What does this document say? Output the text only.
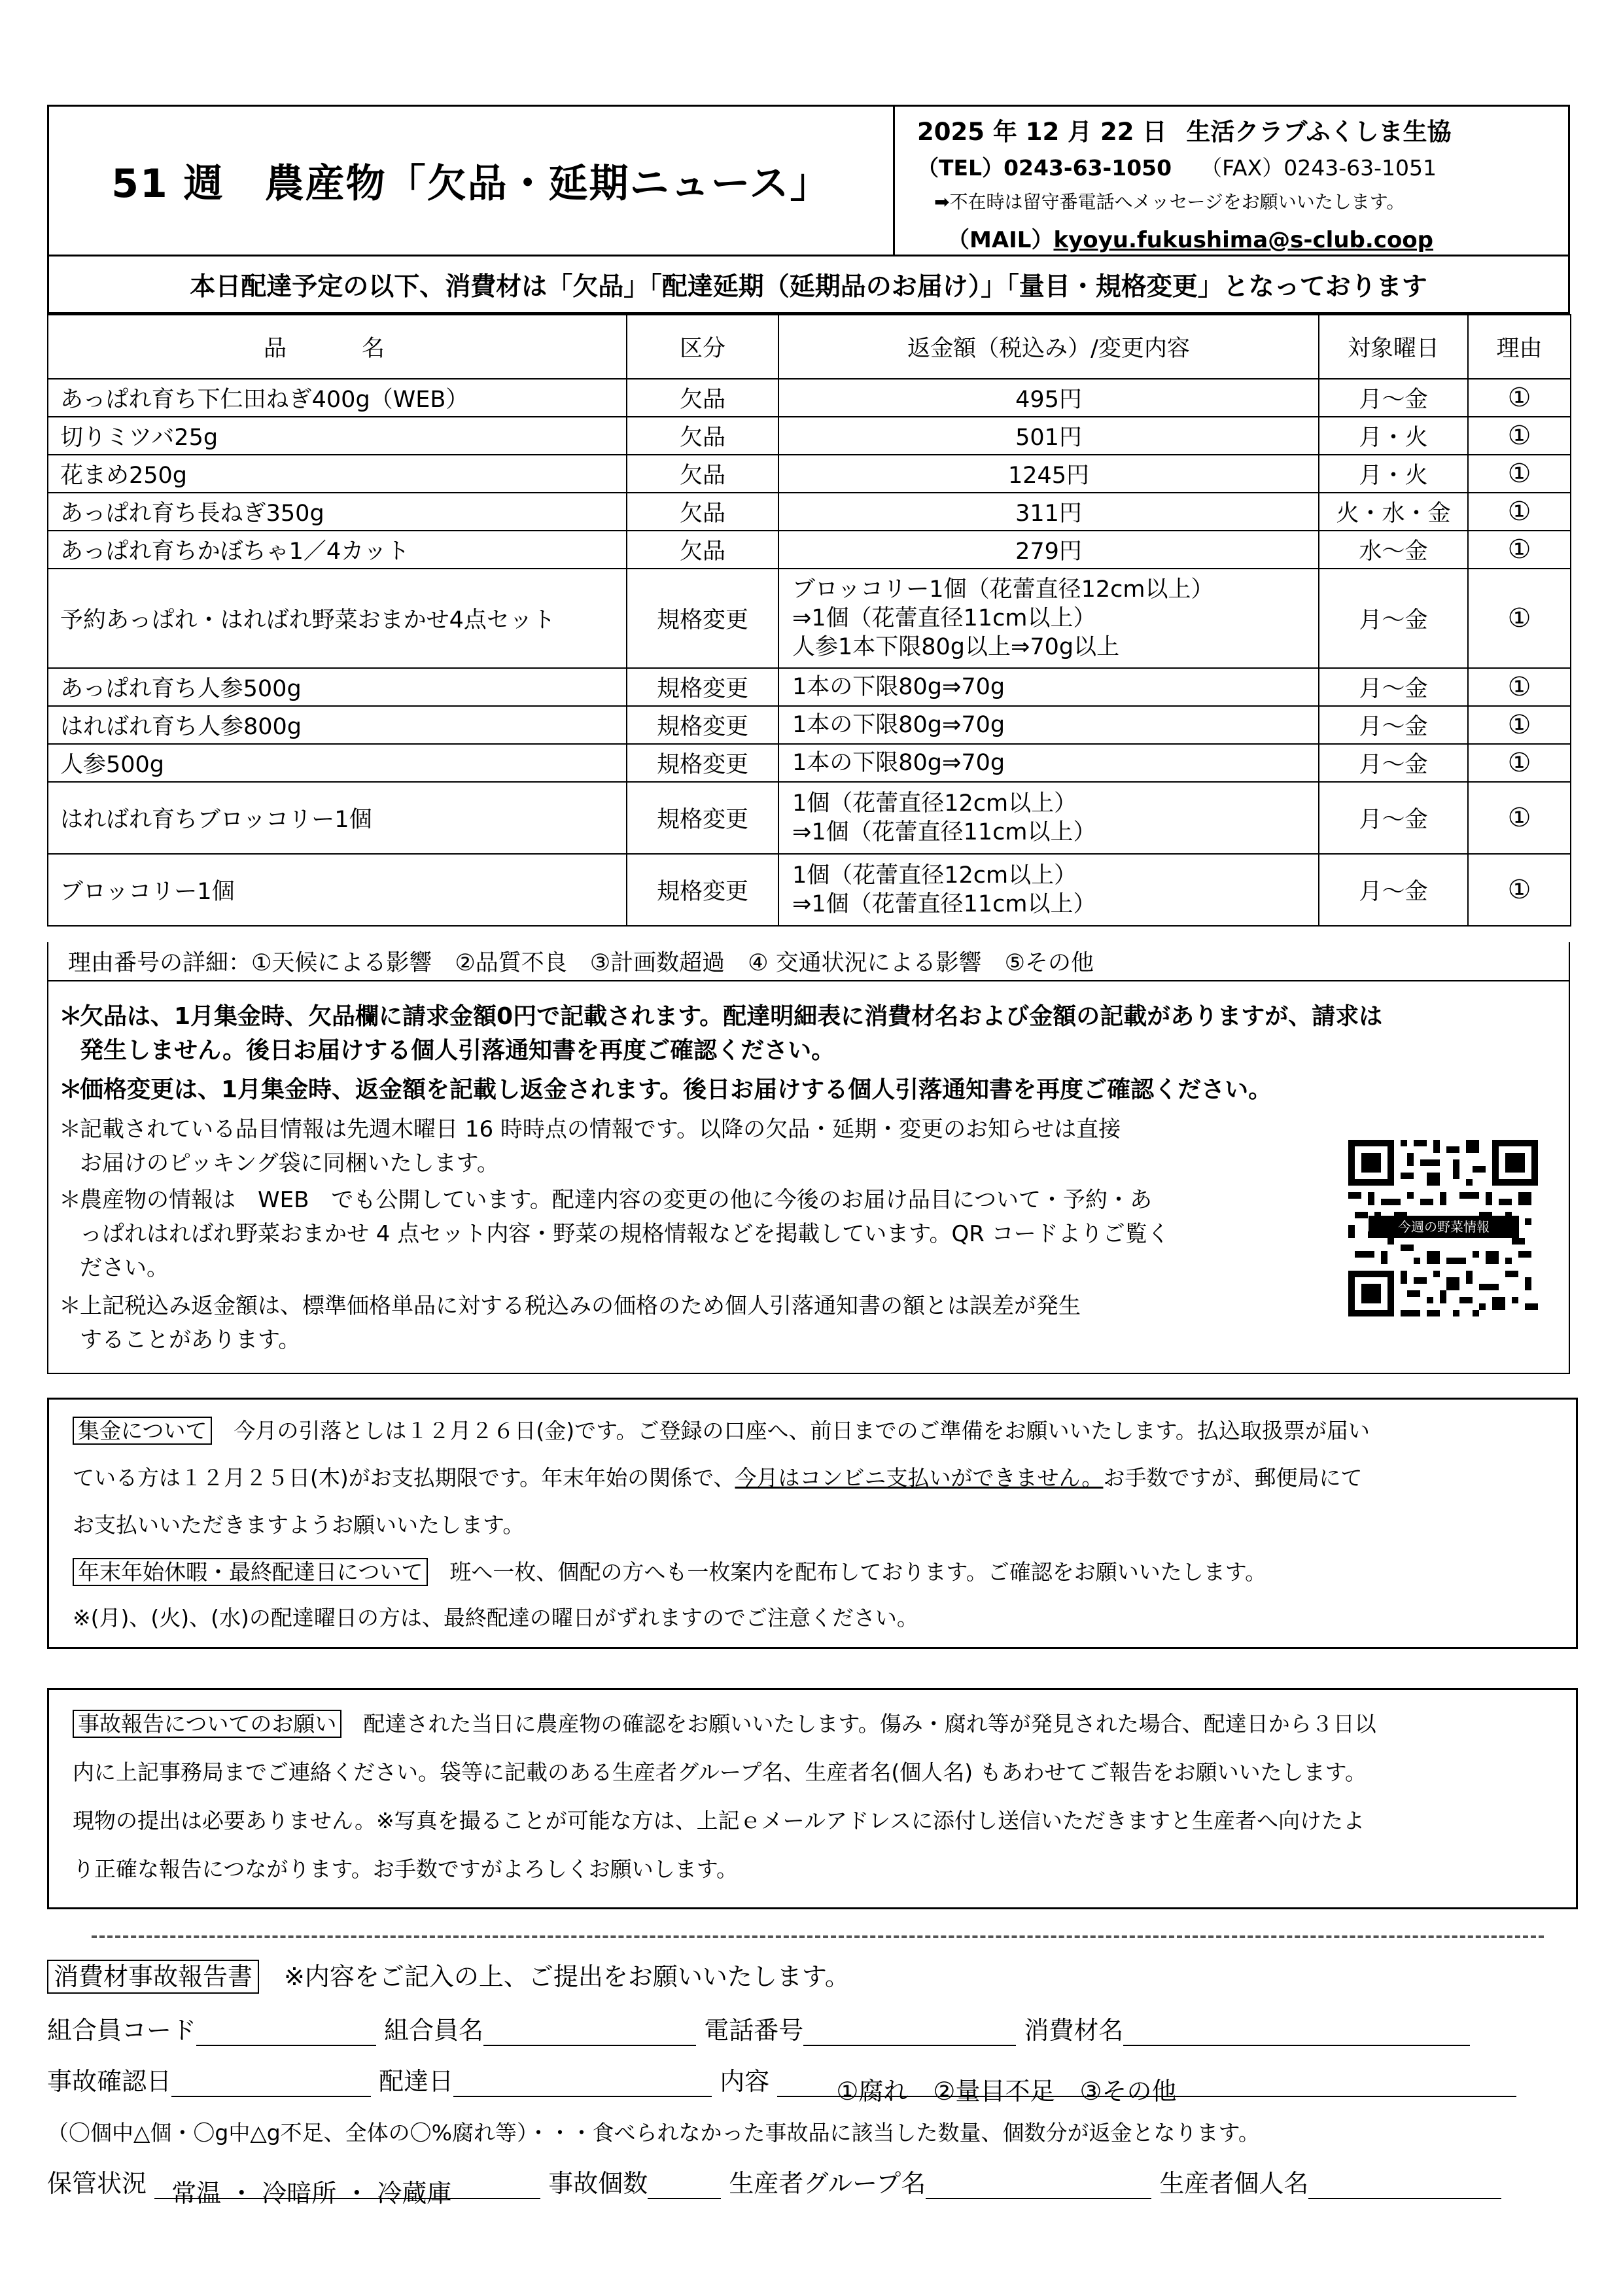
51 週　農産物「欠品・延期ニュース」
2025 年 12 月 22 日 生活クラブふくしま生協
（TEL）0243-63-1050 （FAX）0243-63-1051
➡不在時は留守番電話へメッセージをお願いいたします。
（MAIL）kyoyu.fukushima@s-club.coop
本日配達予定の以下、消費材は「欠品」「配達延期（延期品のお届け）」「量目・規格変更」となっております
品　名	区分	返金額（税込み）/変更内容	対象曜日	理由
あっぱれ育ち下仁田ねぎ400g（WEB）	欠品	495円	月～金	①
切りミツバ25g	欠品	501円	月・火	①
花まめ250g	欠品	1245円	月・火	①
あっぱれ育ち長ねぎ350g	欠品	311円	火・水・金	①
あっぱれ育ちかぼちゃ1／4カット	欠品	279円	水～金	①
予約あっぱれ・はればれ野菜おまかせ4点セット	規格変更	ブロッコリー1個（花蕾直径12cm以上）
⇒1個（花蕾直径11cm以上）
人参1本下限80g以上⇒70g以上	月～金	①
あっぱれ育ち人参500g	規格変更	1本の下限80g⇒70g	月～金	①
はればれ育ち人参800g	規格変更	1本の下限80g⇒70g	月～金	①
人参500g	規格変更	1本の下限80g⇒70g	月～金	①
はればれ育ちブロッコリー1個	規格変更	1個（花蕾直径12cm以上）
⇒1個（花蕾直径11cm以上）	月～金	①
ブロッコリー1個	規格変更	1個（花蕾直径12cm以上）
⇒1個（花蕾直径11cm以上）	月～金	①
理由番号の詳細：①天候による影響　②品質不良　③計画数超過　④ 交通状況による影響　⑤その他
＊
欠品は、1月集金時、欠品欄に請求金額0円で記載されます。配達明細表に消費材名および金額の記載がありますが、請求は
発生しません。後日お届けする個人引落通知書を再度ご確認ください。
＊
価格変更は、1月集金時、返金額を記載し返金されます。後日お届けする個人引落通知書を再度ご確認ください。
＊
記載されている品目情報は先週木曜日 16 時時点の情報です。以降の欠品・延期・変更のお知らせは直接
お届けのピッキング袋に同梱いたします。
＊
農産物の情報は　WEB　でも公開しています。配達内容の変更の他に今後のお届け品目について・予約・あ
っぱれはればれ野菜おまかせ 4 点セット内容・野菜の規格情報などを掲載しています。QR コードよりご覧く
ださい。
＊
上記税込み返金額は、標準価格単品に対する税込みの価格のため個人引落通知書の額とは誤差が発生
することがあります。
今週の野菜情報
集金について　今月の引落としは１２月２６日(金)です。ご登録の口座へ、前日までのご準備をお願いいたします。払込取扱票が届い
ている方は１２月２５日(木)がお支払期限です。年末年始の関係で、今月はコンビニ支払いができません。お手数ですが、郵便局にて
お支払いいただきますようお願いいたします。
年末年始休暇・最終配達日について　班へ一枚、個配の方へも一枚案内を配布しております。ご確認をお願いいたします。
※(月)、(火)、(水)の配達曜日の方は、最終配達の曜日がずれますのでご注意ください。
事故報告についてのお願い　配達された当日に農産物の確認をお願いいたします。傷み・腐れ等が発見された場合、配達日から３日以
内に上記事務局までご連絡ください。袋等に記載のある生産者グループ名、生産者名(個人名) もあわせてご報告をお願いいたします。
現物の提出は必要ありません。※写真を撮ることが可能な方は、上記ｅメールアドレスに添付し送信いただきますと生産者へ向けたよ
り正確な報告につながります。お手数ですがよろしくお願いします。
消費材事故報告書　※内容をご記入の上、ご提出をお願いいたします。
組合員コード	組合員名	電話番号	消費材名
事故確認日	配達日	内容	①腐れ　②量目不足　③その他
（〇個中△個・〇g中△g不足、全体の〇%腐れ等）・・・食べられなかった事故品に該当した数量、個数分が返金となります。
保管状況 常温 ・ 冷暗所 ・ 冷蔵庫	事故個数	生産者グループ名	生産者個人名
